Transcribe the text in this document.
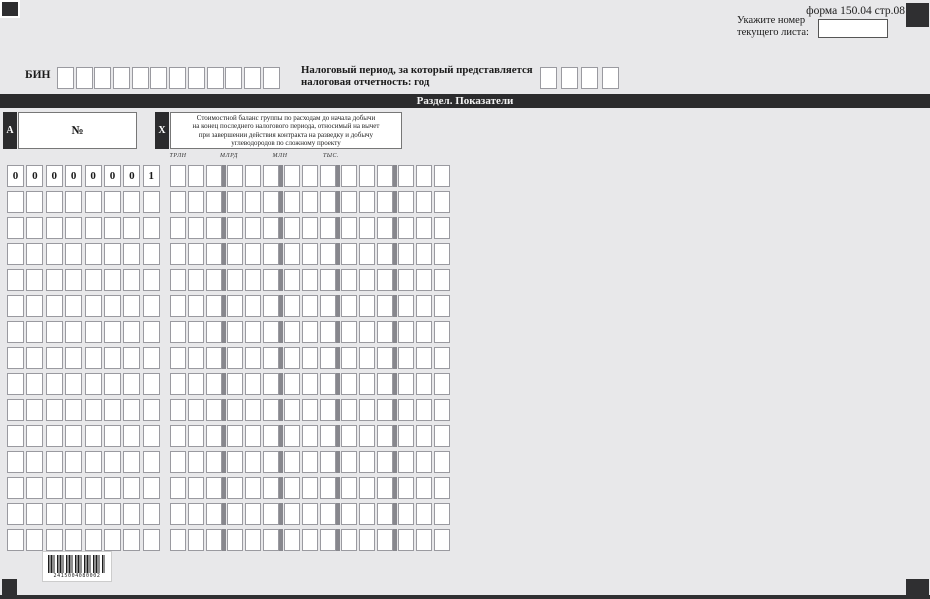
форма 150.04 стр.08
Укажите номер
текущего листа:
БИН	Налоговый период, за который представляется
налоговая отчетность: год
Раздел. Показатели
А	№	X
Стоимостной баланс группы по расходам до начала добычи
на конец последнего налогового периода, относимый на вычет
при завершении действия контракта на разведку и добычу
углеводородов по сложному проекту
ТРЛН	МЛРД	МЛН	ТЫС.
0	0	0	0	0	0	0	1
2415004080002
